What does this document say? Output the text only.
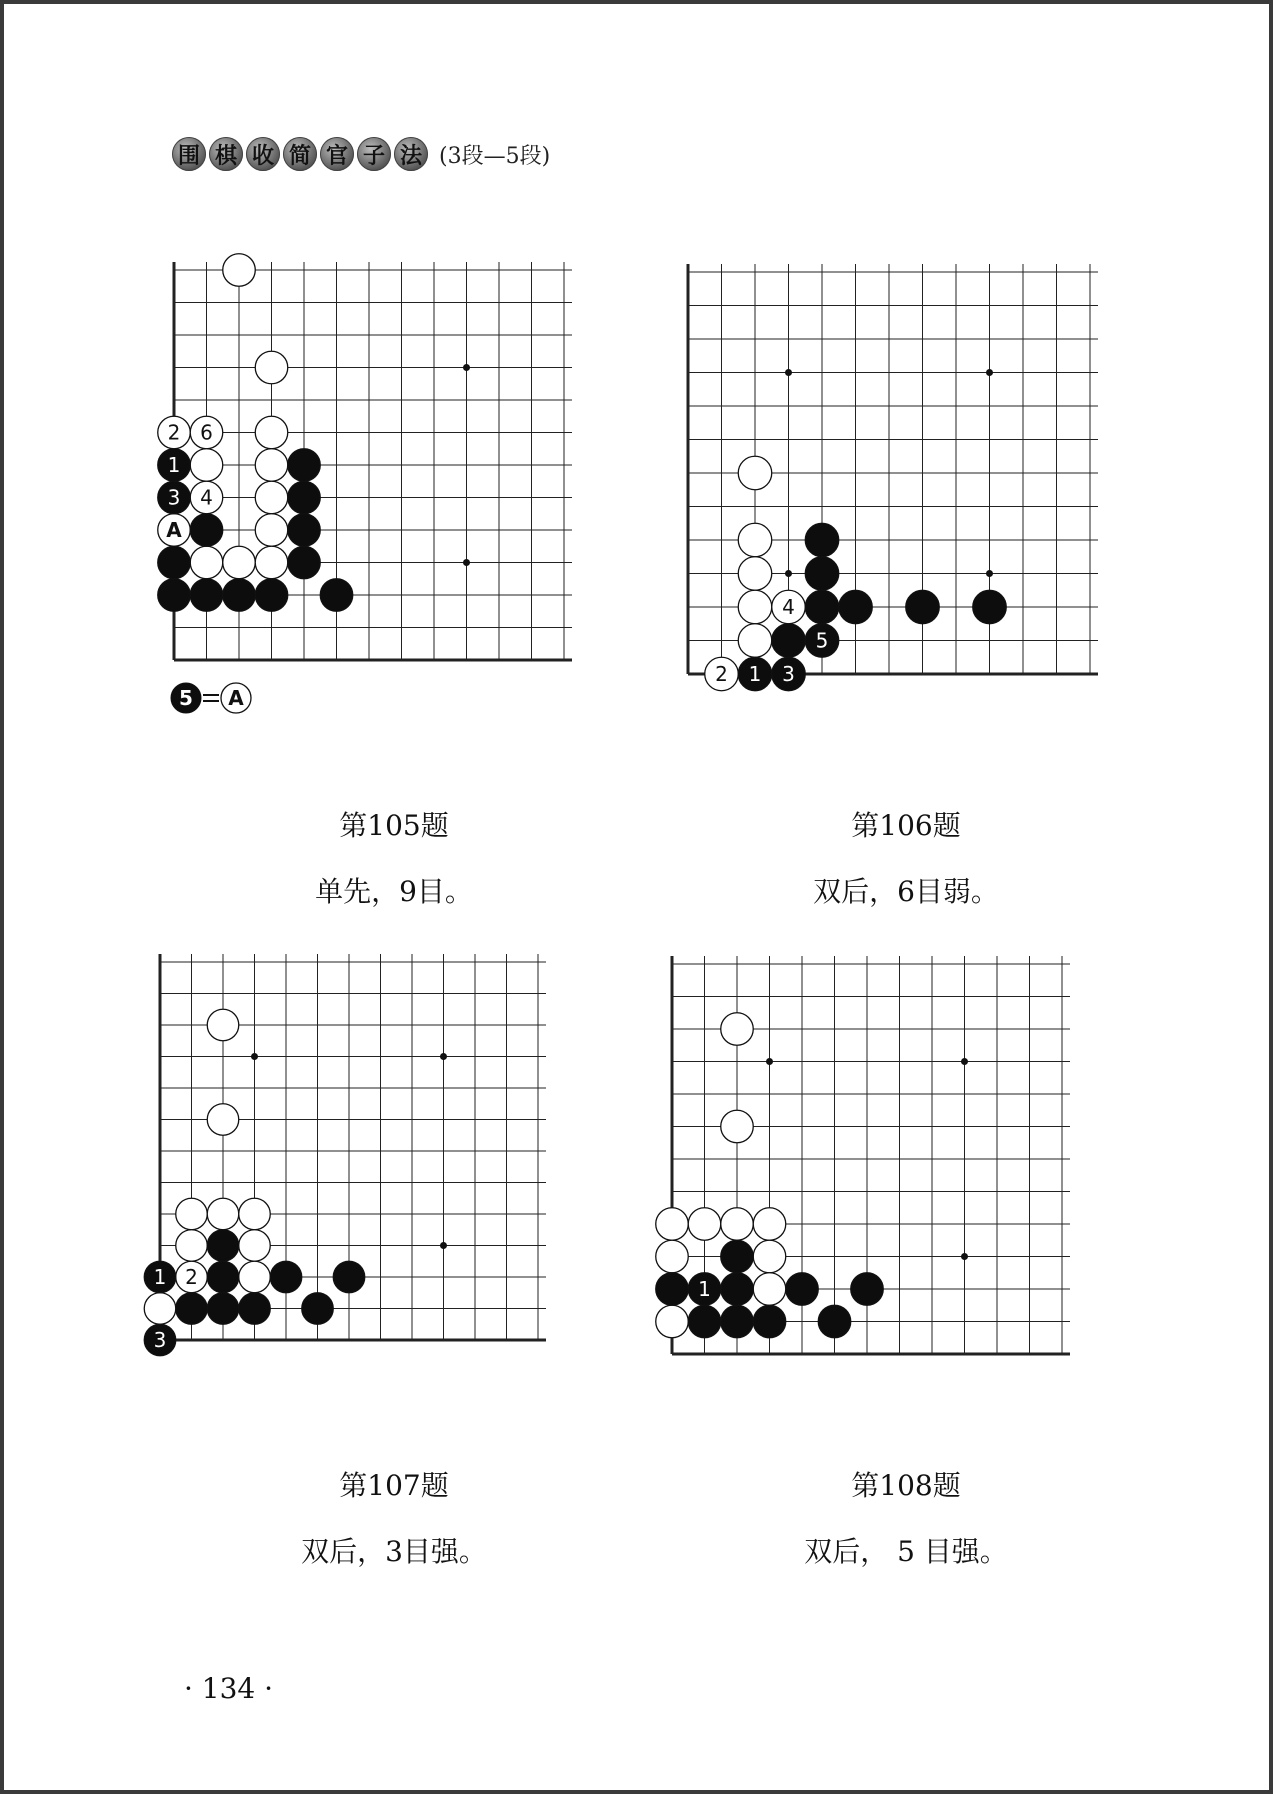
围 棋 收 简 官 子 法 (3段—5段)
2 6
4
A
1
3
5 A
第105题
单先，9目。
4
2
5
1 3
第106题
双后，6目弱。
2
1
3
第107题
双后，3目强。
1
第108题
双后， 5 目强。
· 134 ·
